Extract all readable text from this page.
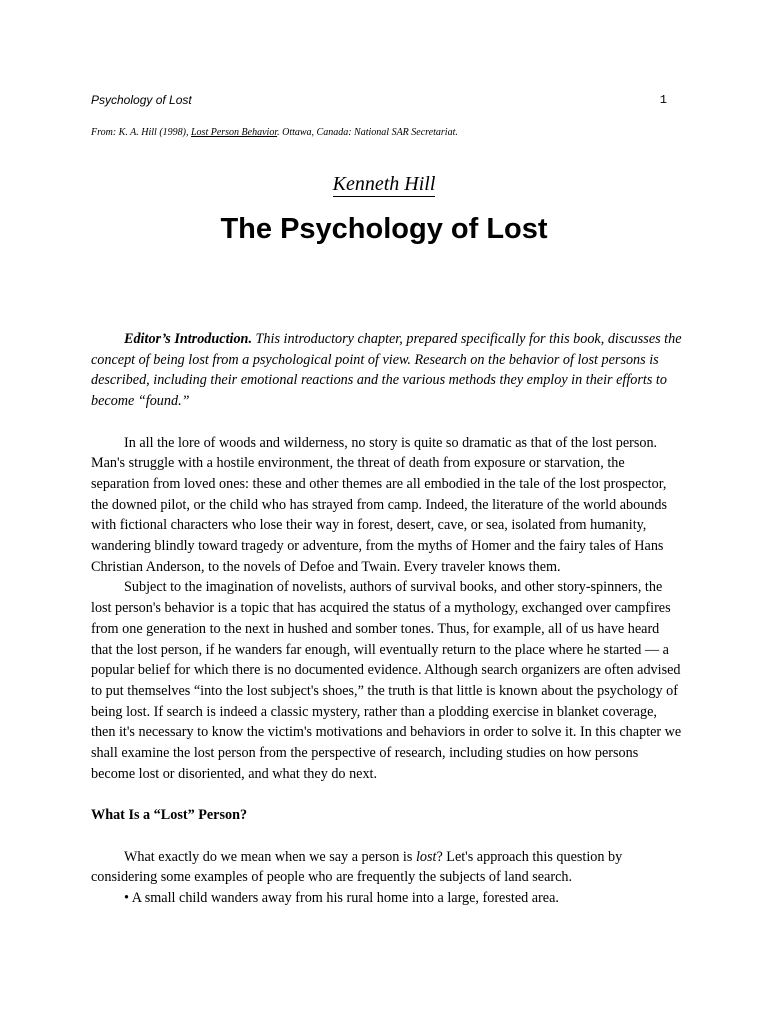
Psychology of Lost	1
From: K. A. Hill (1998), Lost Person Behavior. Ottawa, Canada: National SAR Secretariat.
Kenneth Hill
The Psychology of Lost

Editor’s Introduction. This introductory chapter, prepared specifically for this book, discusses the concept of being lost from a psychological point of view. Research on the behavior of lost persons is described, including their emotional reactions and the various methods they employ in their efforts to become “found.”

In all the lore of woods and wilderness, no story is quite so dramatic as that of the lost person. Man's struggle with a hostile environment, the threat of death from exposure or starvation, the separation from loved ones: these and other themes are all embodied in the tale of the lost prospector, the downed pilot, or the child who has strayed from camp. Indeed, the literature of the world abounds with fictional characters who lose their way in forest, desert, cave, or sea, isolated from humanity, wandering blindly toward tragedy or adventure, from the myths of Homer and the fairy tales of Hans Christian Anderson, to the novels of Defoe and Twain. Every traveler knows them.

Subject to the imagination of novelists, authors of survival books, and other story-spinners, the lost person's behavior is a topic that has acquired the status of a mythology, exchanged over campfires from one generation to the next in hushed and somber tones. Thus, for example, all of us have heard that the lost person, if he wanders far enough, will eventually return to the place where he started — a popular belief for which there is no documented evidence. Although search organizers are often advised to put themselves “into the lost subject's shoes,” the truth is that little is known about the psychology of being lost. If search is indeed a classic mystery, rather than a plodding exercise in blanket coverage, then it's necessary to know the victim's motivations and behaviors in order to solve it. In this chapter we shall examine the lost person from the perspective of research, including studies on how persons become lost or disoriented, and what they do next.

What Is a “Lost” Person?

What exactly do we mean when we say a person is lost? Let's approach this question by considering some examples of people who are frequently the subjects of land search.

• A small child wanders away from his rural home into a large, forested area.
